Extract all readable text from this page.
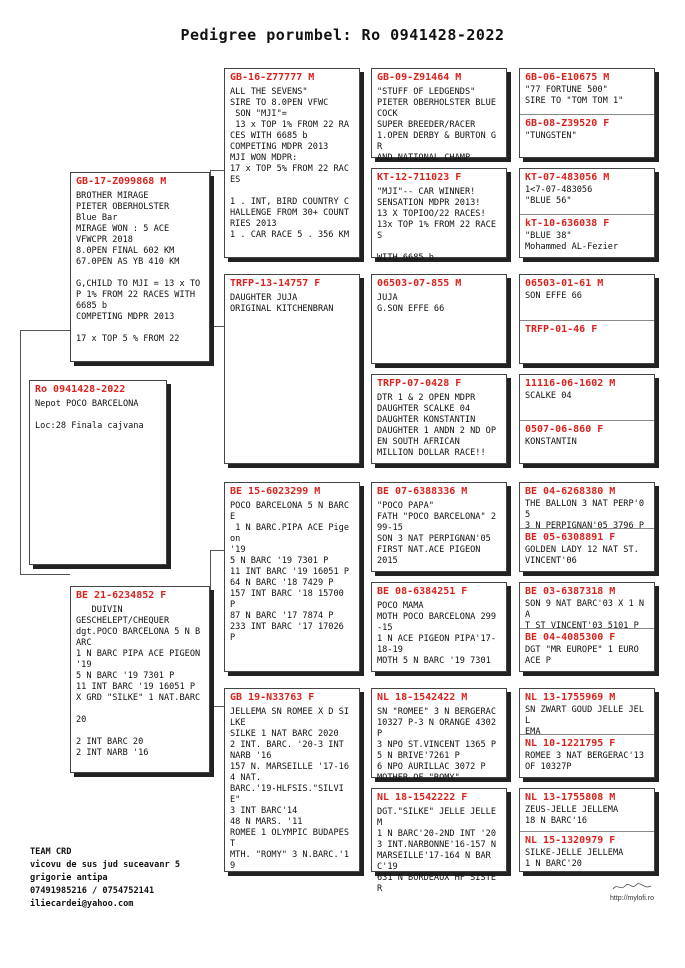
Pedigree porumbel: Ro 0941428-2022
Ro 0941428-2022
Nepot POCO BARCELONA

Loc:28 Finala cajvana
GB-17-Z099868 M
BROTHER MIRAGE
PIETER OBERHOLSTER
Blue Bar
MIRAGE WON : 5 ACE
VFWCPR 2018
8.0PEN FINAL 602 KM
67.0PEN AS YB 410 KM

G,CHILD TO MJI = 13 x TOP 1% FROM 22 RACES WITH 6685 b
COMPETING MDPR 2013

17 x TOP 5 % FROM 22
BE 21-6234852 F
DUIVIN
GESCHELEPT/CHEQUER
dgt.POCO BARCELONA 5 N BARC
1 N BARC PIPA ACE PIGEON '19
5 N BARC '19 7301 P
11 INT BARC '19 16051 P
X GRD "SILKE" 1 NAT.BARC

20

2 INT BARC 20
2 INT NARB '16
GB-16-Z77777 M
ALL THE SEVENS"
SIRE TO 8.0PEN VFWC
SON "MJI"=
13 x TOP 1% FROM 22 RACES WITH 6685 b
COMPETING MDPR 2013
MJI WON MDPR:
17 x TOP 5% FROM 22 RACES

1 . INT, BIRD COUNTRY CHALLENGE FROM 30+ COUNTRIES 2013
1 . CAR RACE 5 . 356 KM
TRFP-13-14757 F
DAUGHTER JUJA
ORIGINAL KITCHENBRAN
BE 15-6023299 M
POCO BARCELONA 5 N BARCE
1 N BARC.PIPA ACE Pigeon
'19
5 N BARC '19 7301 P
11 INT BARC '19 16051 P
64 N BARC '18 7429 P
157 INT BARC '18 15700 P
87 N BARC '17 7874 P
233 INT BARC '17 17026 P
GB 19-N33763 F
JELLEMA SN ROMEE X D SILKE
SILKE 1 NAT BARC 2020
2 INT. BARC. '20-3 INT NARB '16
157 N. MARSEILLE '17-164 NAT.
BARC.'19-HLFSIS."SILVIE"
3 INT BARC'14
48 N MARS. '11
ROMEE 1 OLYMPIC BUDAPEST
MTH. "ROMY" 3 N.BARC.'19
GB-09-Z91464 M
"STUFF OF LEDGENDS"
PIETER OBERHOLSTER BLUE COCK
SUPER BREEDER/RACER
1.OPEN DERBY & BURTON GR
AND NATIONAL CHAMP
KT-12-711023 F
"MJI"-- CAR WINNER!
SENSATION MDPR 2013!
13 X TOPIOO/22 RACES!
13x TOP 1% FROM 22 RACES

WITH 6685 b
06503-07-855 M
JUJA
G.SON EFFE 66
TRFP-07-0428 F
DTR 1 & 2 OPEN MDPR
DAUGHTER SCALKE 04
DAUGHTER KONSTANTIN
DAUGHTER 1 ANDN 2 ND OPEN SOUTH AFRICAN
MILLION DOLLAR RACE!!
BE 07-6388336 M
"POCO PAPA"
FATH "POCO BARCELONA" 299-15
SON 3 NAT PERPIGNAN'05
FIRST NAT.ACE PIGEON
2015
BE 08-6384251 F
POCO MAMA
MOTH POCO BARCELONA 299-15
1 N ACE PIGEON PIPA'17-18-19
MOTH 5 N BARC '19 7301
NL 18-1542422 M
SN "ROMEE" 3 N BERGERAC
10327 P-3 N ORANGE 4302P
3 NPO ST.VINCENT 1365 P
5 N BRIVE'7261 P
6 NPO AURILLAC 3072 P
MOTHER OF "ROMY"
NL 18-1542222 F
DGT."SILKE" JELLE JELLEM
1 N BARC'20-2ND INT '20
3 INT.NARBONNE'16-157 N MARSEILLE'17-164 N BARC'19
631 N BORDEAUX HF SISTER
6B-06-E10675 M
"77 FORTUNE 500"
SIRE TO "TOM TOM 1"
6B-08-Z39520 F
"TUNGSTEN"
KT-07-483056 M
1<7-07-483056
"BLUE 56"
kT-10-636038 F
"BLUE 38"
Mohammed AL-Fezier
06503-01-61 M
SON EFFE 66
TRFP-01-46 F
11116-06-1602 M
SCALKE 04
0507-06-860 F
KONSTANTIN
BE 04-6268380 M
THE BALLON 3 NAT PERP'05
3 N PERPIGNAN'05 3796 P
BE 05-6308891 F
GOLDEN LADY 12 NAT ST. VINCENT'06
BE 03-6387318 M
SON 9 NAT BARC'03 X 1 NA
T ST VINCENT'03 5101 P
BE 04-4085300 F
DGT "MR EUROPE" 1 EURO
ACE P
NL 13-1755969 M
SN ZWART GOUD JELLE JELL
EMA
NL 10-1221795 F
ROMEE 3 NAT BERGERAC'13
OF 10327P
NL 13-1755808 M
ZEUS-JELLE JELLEMA
18 N BARC'16
NL 15-1320979 F
SILKE-JELLE JELLEMA
1 N BARC'20
TEAM CRD
vicovu de sus jud suceavanr 5
grigorie antipa
07491985216 / 0754752141
iliecardei@yahoo.com
http://mylofi.ro
